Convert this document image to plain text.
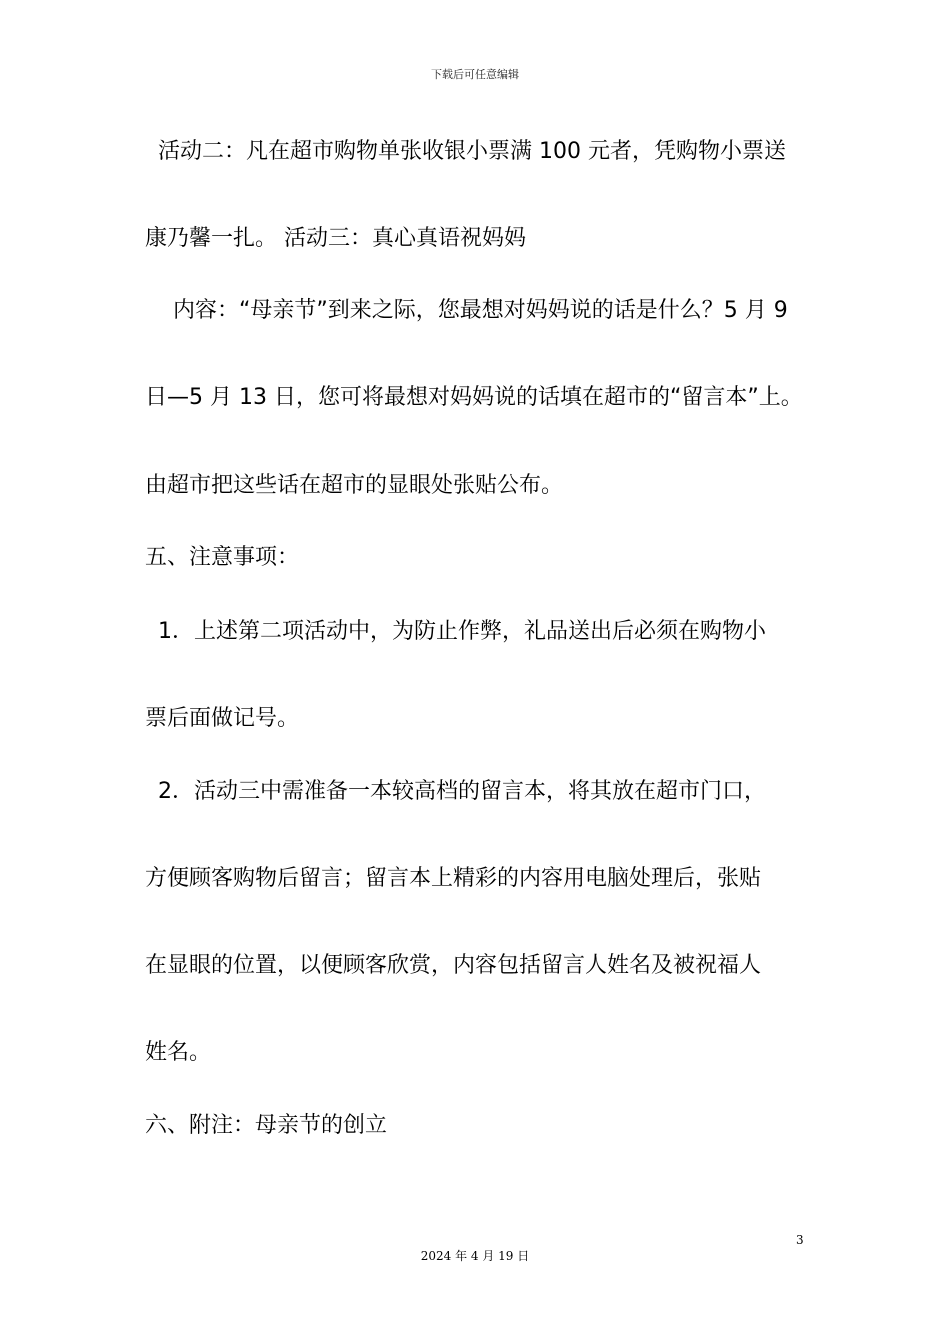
下载后可任意编辑
活动二：凡在超市购物单张收银小票满 100 元者，凭购物小票送
康乃馨一扎。 活动三：真心真语祝妈妈
内容：“母亲节”到来之际，您最想对妈妈说的话是什么？5 月 9
日—5 月 13 日，您可将最想对妈妈说的话填在超市的“留言本”上。
由超市把这些话在超市的显眼处张贴公布。
五、注意事项：
1．上述第二项活动中，为防止作弊，礼品送出后必须在购物小
票后面做记号。
2．活动三中需准备一本较高档的留言本，将其放在超市门口，
方便顾客购物后留言；留言本上精彩的内容用电脑处理后，张贴
在显眼的位置，以便顾客欣赏，内容包括留言人姓名及被祝福人
姓名。
六、附注：母亲节的创立
3
2024 年 4 月 19 日
